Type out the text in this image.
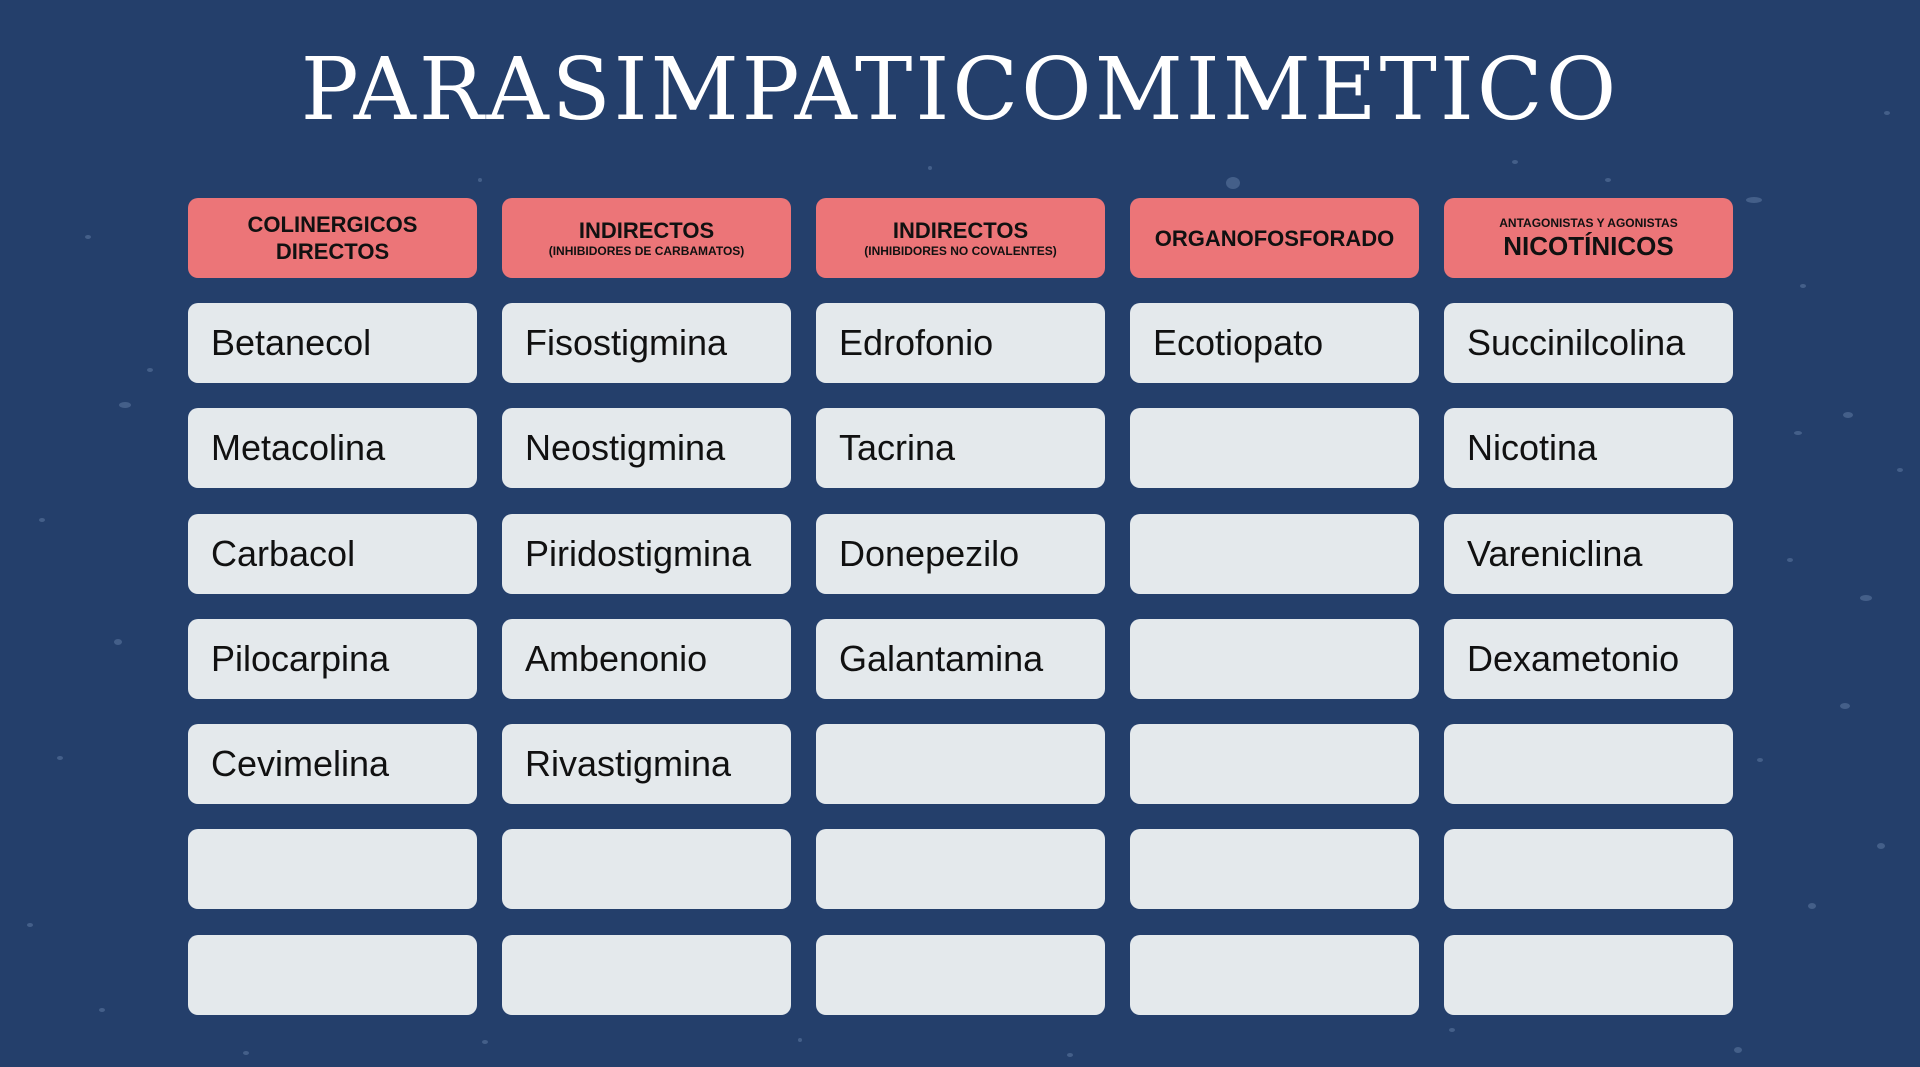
PARASIMPATICOMIMETICO
COLINERGICOS DIRECTOS
Betanecol
Metacolina
Carbacol
Pilocarpina
Cevimelina
INDIRECTOS
(INHIBIDORES DE CARBAMATOS)
Fisostigmina
Neostigmina
Piridostigmina
Ambenonio
Rivastigmina
INDIRECTOS
(INHIBIDORES NO COVALENTES)
Edrofonio
Tacrina
Donepezilo
Galantamina
ORGANOFOSFORADO
Ecotiopato
ANTAGONISTAS Y AGONISTAS
NICOTÍNICOS
Succinilcolina
Nicotina
Vareniclina
Dexametonio
